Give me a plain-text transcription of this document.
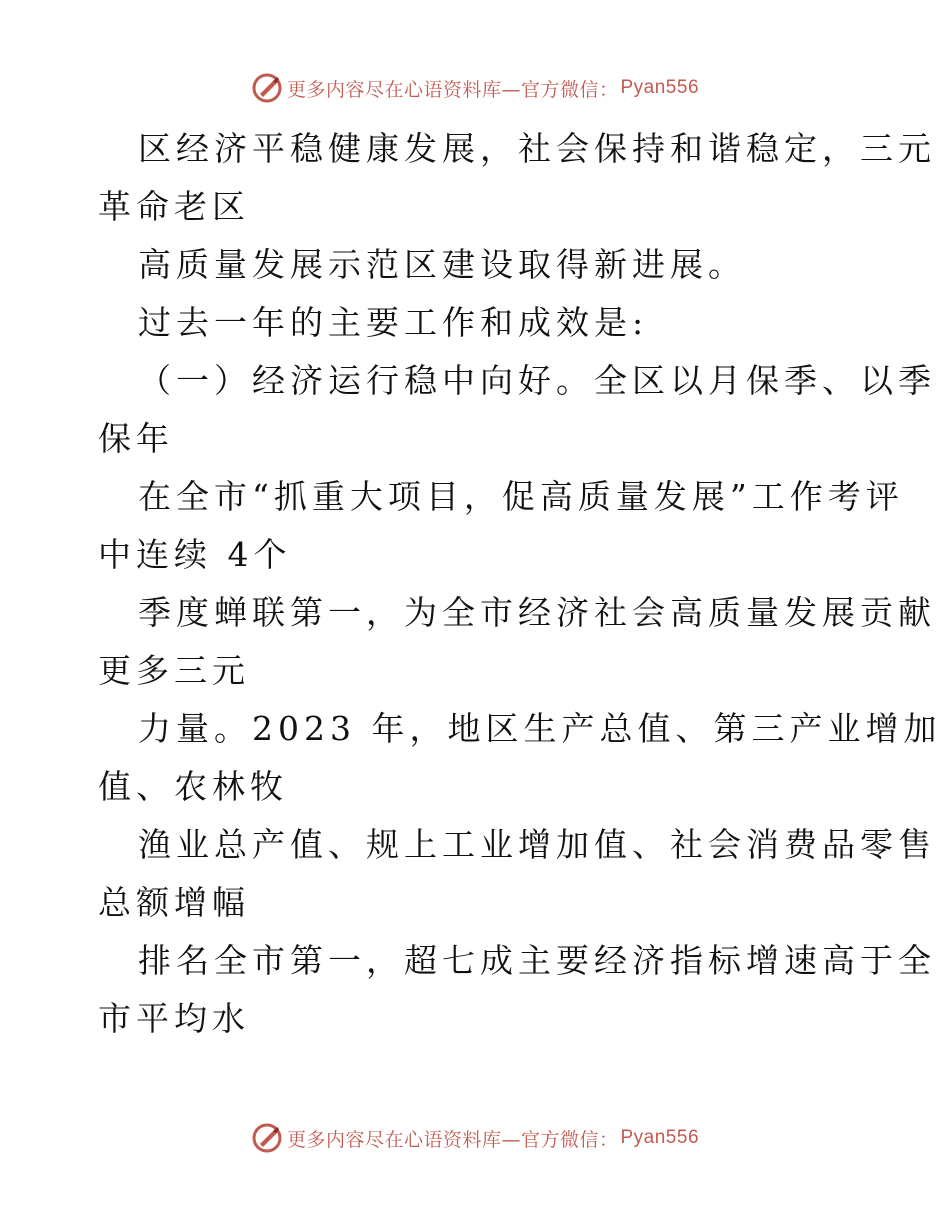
更多内容尽在心语资料库—官方微信： Pyan556

区经济平稳健康发展，社会保持和谐稳定，三元
革命老区

高质量发展示范区建设取得新进展。

过去一年的主要工作和成效是:

（一）经济运行稳中向好。全区以月保季、以季
保年

在全市“抓重大项目，促高质量发展”工作考评
中连续 4个

季度蝉联第一，为全市经济社会高质量发展贡献
更多三元

力量。2023 年，地区生产总值、第三产业增加
值、农林牧

渔业总产值、规上工业增加值、社会消费品零售
总额增幅

排名全市第一，超七成主要经济指标增速高于全
市平均水

更多内容尽在心语资料库—官方微信： Pyan556
